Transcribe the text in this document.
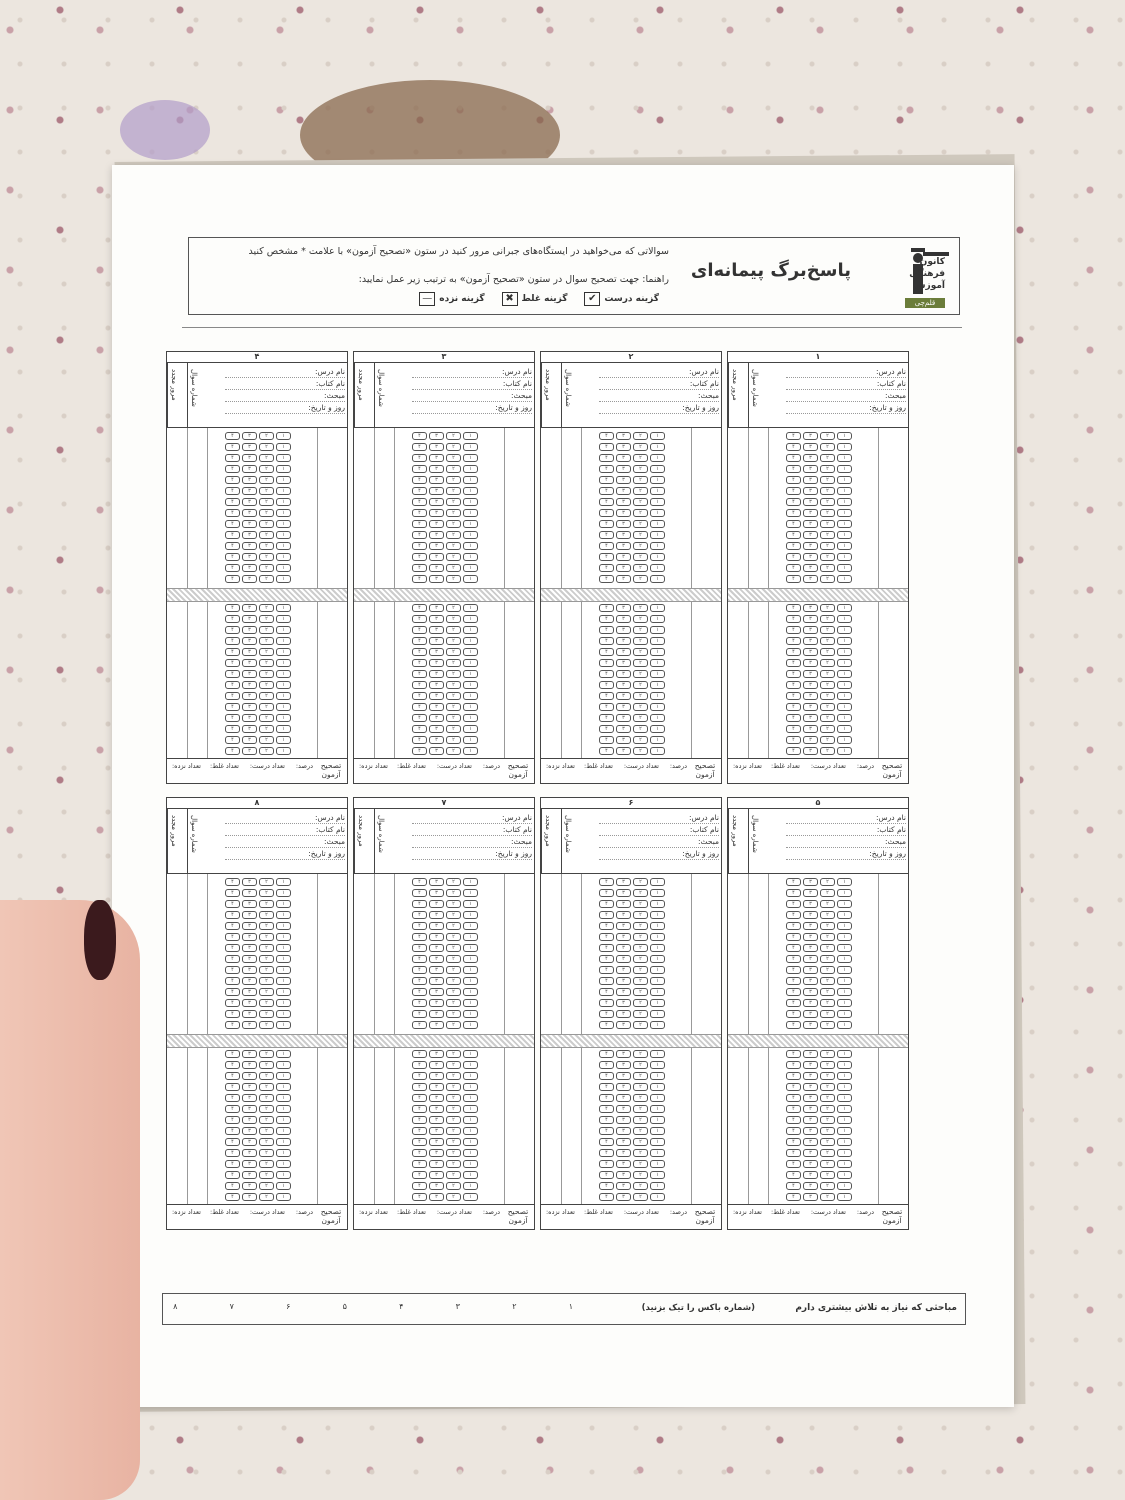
کانون فرهنگی آموزش
قلم‌چی
پاسخ‌برگ پیمانه‌ای
سوالاتی که می‌خواهید در ایستگاه‌های جبرانی مرور کنید در ستون «تصحیح آزمون» با علامت * مشخص کنید
راهنما: جهت تصحیح سوال در ستون «تصحیح آزمون» به ترتیب زیر عمل نمایید:
گزینه درست
✔

گزینه غلط
✖

گزینه نزده
—
۱
نام درس:
نام کتاب:
مبحث:
روز و تاریخ:
شماره سوال
مرور مجدد
۴	۳	۲	۱
۴	۳	۲	۱
۴	۳	۲	۱
۴	۳	۲	۱
۴	۳	۲	۱
۴	۳	۲	۱
۴	۳	۲	۱
۴	۳	۲	۱
۴	۳	۲	۱
۴	۳	۲	۱
۴	۳	۲	۱
۴	۳	۲	۱
۴	۳	۲	۱
۴	۳	۲	۱
۴	۳	۲	۱
۴	۳	۲	۱
۴	۳	۲	۱
۴	۳	۲	۱
۴	۳	۲	۱
۴	۳	۲	۱
۴	۳	۲	۱
۴	۳	۲	۱
۴	۳	۲	۱
۴	۳	۲	۱
۴	۳	۲	۱
۴	۳	۲	۱
۴	۳	۲	۱
۴	۳	۲	۱
تصحیح آزمون
درصد:
تعداد درست:
تعداد غلط:
تعداد نزده:
۲
نام درس:
نام کتاب:
مبحث:
روز و تاریخ:
شماره سوال
مرور مجدد
۴	۳	۲	۱
۴	۳	۲	۱
۴	۳	۲	۱
۴	۳	۲	۱
۴	۳	۲	۱
۴	۳	۲	۱
۴	۳	۲	۱
۴	۳	۲	۱
۴	۳	۲	۱
۴	۳	۲	۱
۴	۳	۲	۱
۴	۳	۲	۱
۴	۳	۲	۱
۴	۳	۲	۱
۴	۳	۲	۱
۴	۳	۲	۱
۴	۳	۲	۱
۴	۳	۲	۱
۴	۳	۲	۱
۴	۳	۲	۱
۴	۳	۲	۱
۴	۳	۲	۱
۴	۳	۲	۱
۴	۳	۲	۱
۴	۳	۲	۱
۴	۳	۲	۱
۴	۳	۲	۱
۴	۳	۲	۱
تصحیح آزمون
درصد:
تعداد درست:
تعداد غلط:
تعداد نزده:
۳
نام درس:
نام کتاب:
مبحث:
روز و تاریخ:
شماره سوال
مرور مجدد
۴	۳	۲	۱
۴	۳	۲	۱
۴	۳	۲	۱
۴	۳	۲	۱
۴	۳	۲	۱
۴	۳	۲	۱
۴	۳	۲	۱
۴	۳	۲	۱
۴	۳	۲	۱
۴	۳	۲	۱
۴	۳	۲	۱
۴	۳	۲	۱
۴	۳	۲	۱
۴	۳	۲	۱
۴	۳	۲	۱
۴	۳	۲	۱
۴	۳	۲	۱
۴	۳	۲	۱
۴	۳	۲	۱
۴	۳	۲	۱
۴	۳	۲	۱
۴	۳	۲	۱
۴	۳	۲	۱
۴	۳	۲	۱
۴	۳	۲	۱
۴	۳	۲	۱
۴	۳	۲	۱
۴	۳	۲	۱
تصحیح آزمون
درصد:
تعداد درست:
تعداد غلط:
تعداد نزده:
۴
نام درس:
نام کتاب:
مبحث:
روز و تاریخ:
شماره سوال
مرور مجدد
۴	۳	۲	۱
۴	۳	۲	۱
۴	۳	۲	۱
۴	۳	۲	۱
۴	۳	۲	۱
۴	۳	۲	۱
۴	۳	۲	۱
۴	۳	۲	۱
۴	۳	۲	۱
۴	۳	۲	۱
۴	۳	۲	۱
۴	۳	۲	۱
۴	۳	۲	۱
۴	۳	۲	۱
۴	۳	۲	۱
۴	۳	۲	۱
۴	۳	۲	۱
۴	۳	۲	۱
۴	۳	۲	۱
۴	۳	۲	۱
۴	۳	۲	۱
۴	۳	۲	۱
۴	۳	۲	۱
۴	۳	۲	۱
۴	۳	۲	۱
۴	۳	۲	۱
۴	۳	۲	۱
۴	۳	۲	۱
تصحیح آزمون
درصد:
تعداد درست:
تعداد غلط:
تعداد نزده:
۵
نام درس:
نام کتاب:
مبحث:
روز و تاریخ:
شماره سوال
مرور مجدد
۴	۳	۲	۱
۴	۳	۲	۱
۴	۳	۲	۱
۴	۳	۲	۱
۴	۳	۲	۱
۴	۳	۲	۱
۴	۳	۲	۱
۴	۳	۲	۱
۴	۳	۲	۱
۴	۳	۲	۱
۴	۳	۲	۱
۴	۳	۲	۱
۴	۳	۲	۱
۴	۳	۲	۱
۴	۳	۲	۱
۴	۳	۲	۱
۴	۳	۲	۱
۴	۳	۲	۱
۴	۳	۲	۱
۴	۳	۲	۱
۴	۳	۲	۱
۴	۳	۲	۱
۴	۳	۲	۱
۴	۳	۲	۱
۴	۳	۲	۱
۴	۳	۲	۱
۴	۳	۲	۱
۴	۳	۲	۱
تصحیح آزمون
درصد:
تعداد درست:
تعداد غلط:
تعداد نزده:
۶
نام درس:
نام کتاب:
مبحث:
روز و تاریخ:
شماره سوال
مرور مجدد
۴	۳	۲	۱
۴	۳	۲	۱
۴	۳	۲	۱
۴	۳	۲	۱
۴	۳	۲	۱
۴	۳	۲	۱
۴	۳	۲	۱
۴	۳	۲	۱
۴	۳	۲	۱
۴	۳	۲	۱
۴	۳	۲	۱
۴	۳	۲	۱
۴	۳	۲	۱
۴	۳	۲	۱
۴	۳	۲	۱
۴	۳	۲	۱
۴	۳	۲	۱
۴	۳	۲	۱
۴	۳	۲	۱
۴	۳	۲	۱
۴	۳	۲	۱
۴	۳	۲	۱
۴	۳	۲	۱
۴	۳	۲	۱
۴	۳	۲	۱
۴	۳	۲	۱
۴	۳	۲	۱
۴	۳	۲	۱
تصحیح آزمون
درصد:
تعداد درست:
تعداد غلط:
تعداد نزده:
۷
نام درس:
نام کتاب:
مبحث:
روز و تاریخ:
شماره سوال
مرور مجدد
۴	۳	۲	۱
۴	۳	۲	۱
۴	۳	۲	۱
۴	۳	۲	۱
۴	۳	۲	۱
۴	۳	۲	۱
۴	۳	۲	۱
۴	۳	۲	۱
۴	۳	۲	۱
۴	۳	۲	۱
۴	۳	۲	۱
۴	۳	۲	۱
۴	۳	۲	۱
۴	۳	۲	۱
۴	۳	۲	۱
۴	۳	۲	۱
۴	۳	۲	۱
۴	۳	۲	۱
۴	۳	۲	۱
۴	۳	۲	۱
۴	۳	۲	۱
۴	۳	۲	۱
۴	۳	۲	۱
۴	۳	۲	۱
۴	۳	۲	۱
۴	۳	۲	۱
۴	۳	۲	۱
۴	۳	۲	۱
تصحیح آزمون
درصد:
تعداد درست:
تعداد غلط:
تعداد نزده:
۸
نام درس:
نام کتاب:
مبحث:
روز و تاریخ:
شماره سوال
مرور مجدد
۴	۳	۲	۱
۴	۳	۲	۱
۴	۳	۲	۱
۴	۳	۲	۱
۴	۳	۲	۱
۴	۳	۲	۱
۴	۳	۲	۱
۴	۳	۲	۱
۴	۳	۲	۱
۴	۳	۲	۱
۴	۳	۲	۱
۴	۳	۲	۱
۴	۳	۲	۱
۴	۳	۲	۱
۴	۳	۲	۱
۴	۳	۲	۱
۴	۳	۲	۱
۴	۳	۲	۱
۴	۳	۲	۱
۴	۳	۲	۱
۴	۳	۲	۱
۴	۳	۲	۱
۴	۳	۲	۱
۴	۳	۲	۱
۴	۳	۲	۱
۴	۳	۲	۱
۴	۳	۲	۱
۴	۳	۲	۱
تصحیح آزمون
درصد:
تعداد درست:
تعداد غلط:
تعداد نزده:
مباحثی که نیاز به تلاش بیشتری دارم
(شماره باکس را تیک بزنید)
۱
۲
۳
۴
۵
۶
۷
۸
